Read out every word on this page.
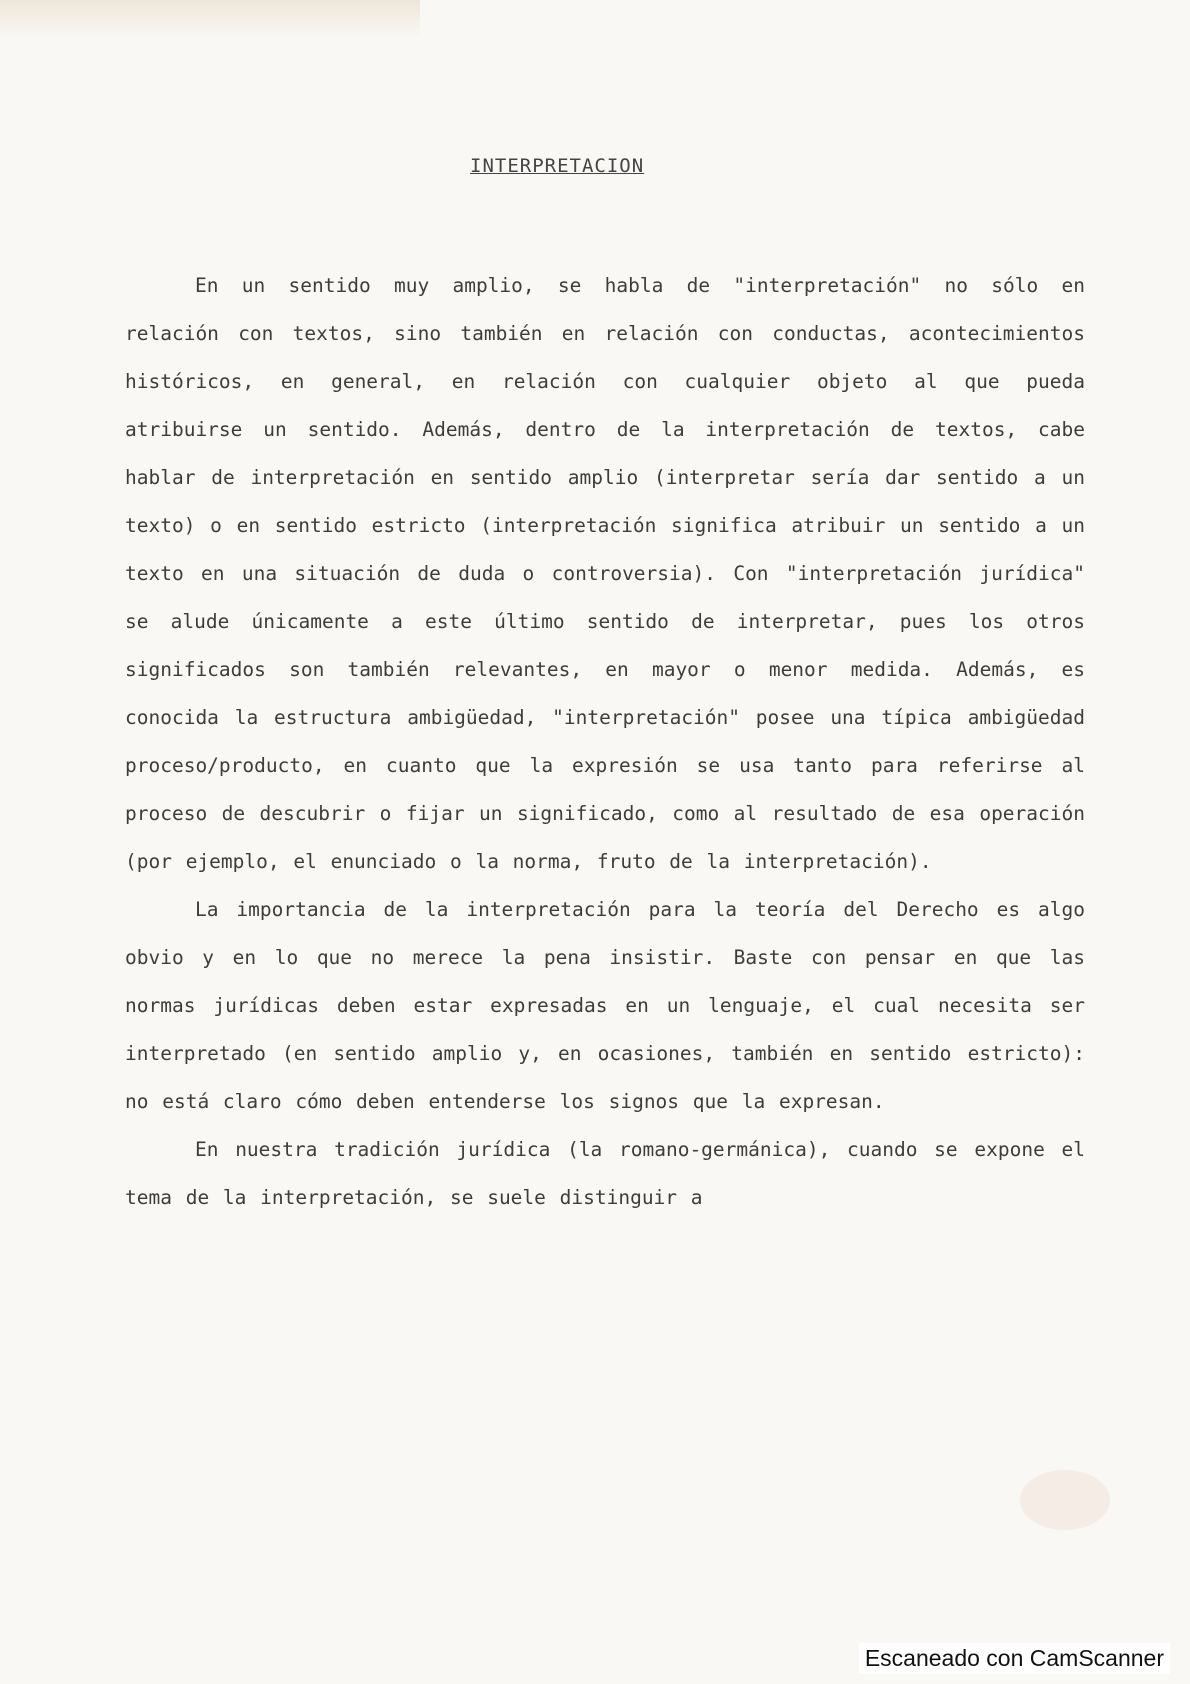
INTERPRETACION

En un sentido muy amplio, se habla de "interpretación" no sólo en relación con textos, sino también en relación con conductas, acontecimientos históricos, en general, en relación con cualquier objeto al que pueda atribuirse un sentido. Además, dentro de la interpretación de textos, cabe hablar de interpretación en sentido amplio (interpretar sería dar sentido a un texto) o en sentido estricto (interpretación significa atribuir un sentido a un texto en una situación de duda o controversia). Con "interpretación jurídica" se alude únicamente a este último sentido de interpretar, pues los otros significados son también relevantes, en mayor o menor medida. Además, es conocida la estructura ambigüedad, "interpretación" posee una típica ambigüedad proceso/producto, en cuanto que la expresión se usa tanto para referirse al proceso de descubrir o fijar un significado, como al resultado de esa operación (por ejemplo, el enunciado o la norma, fruto de la interpretación).

La importancia de la interpretación para la teoría del Derecho es algo obvio y en lo que no merece la pena insistir. Baste con pensar en que las normas jurídicas deben estar expresadas en un lenguaje, el cual necesita ser interpretado (en sentido amplio y, en ocasiones, también en sentido estricto): no está claro cómo deben entenderse los signos que la expresan.

En nuestra tradición jurídica (la romano-germánica), cuando se expone el tema de la interpretación, se suele distinguir a

Escaneado con CamScanner
